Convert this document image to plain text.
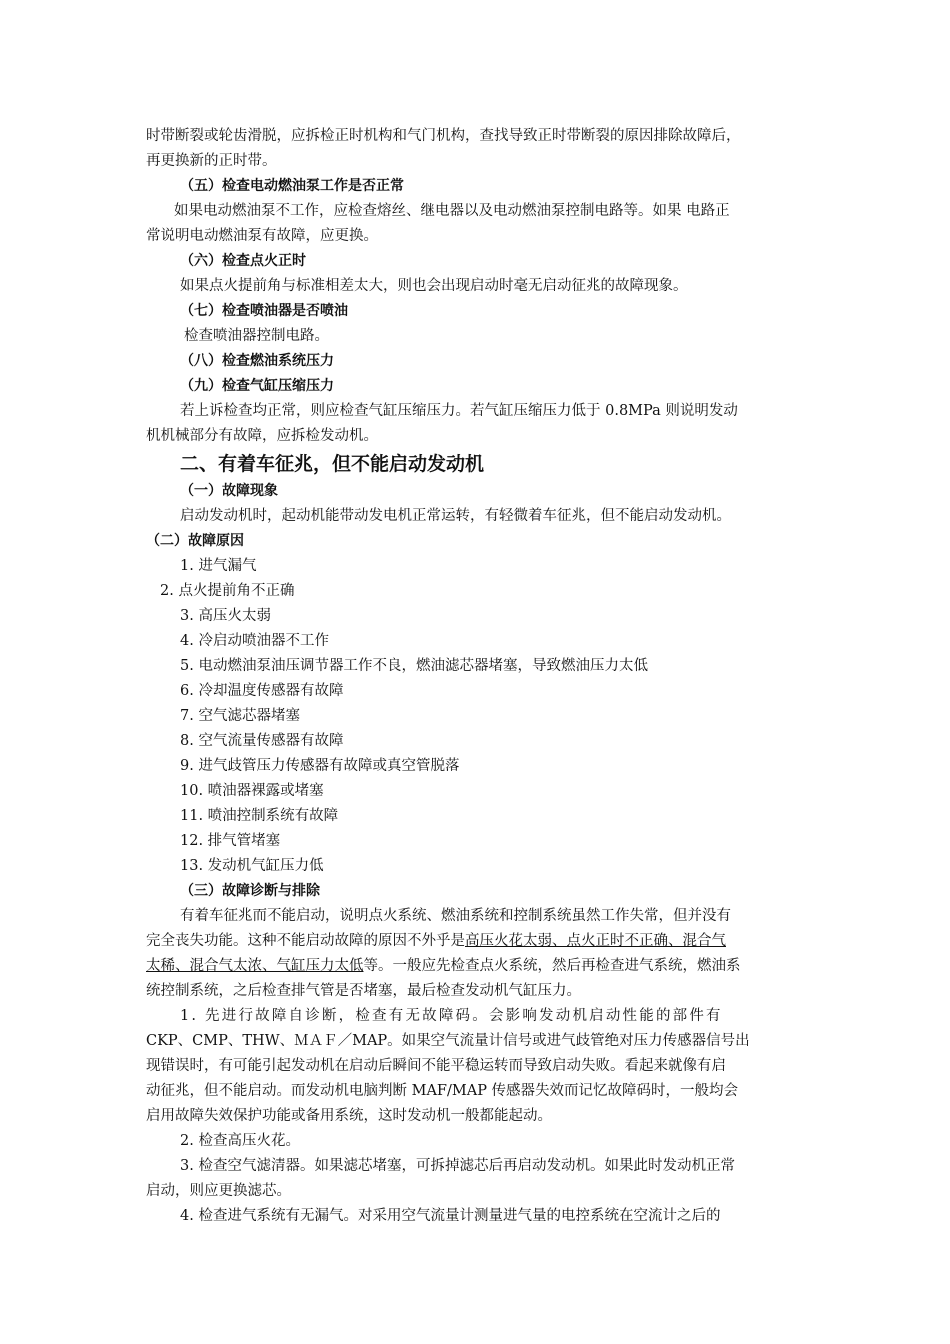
时带断裂或轮齿滑脱，应拆检正时机构和气门机构，查找导致正时带断裂的原因排除故障后，
再更换新的正时带。
（五）检查电动燃油泵工作是否正常
如果电动燃油泵不工作，应检查熔丝、继电器以及电动燃油泵控制电路等。如果 电路正
常说明电动燃油泵有故障，应更换。
（六）检查点火正时
如果点火提前角与标准相差太大，则也会出现启动时毫无启动征兆的故障现象。
（七）检查喷油器是否喷油
检查喷油器控制电路。
（八）检查燃油系统压力
（九）检查气缸压缩压力
若上诉检查均正常，则应检查气缸压缩压力。若气缸压缩压力低于 0.8MPa 则说明发动
机机械部分有故障，应拆检发动机。
二、有着车征兆，但不能启动发动机
（一）故障现象
启动发动机时，起动机能带动发电机正常运转，有轻微着车征兆，但不能启动发动机。
（二）故障原因
1. 进气漏气
2. 点火提前角不正确
3. 高压火太弱
4. 冷启动喷油器不工作
5. 电动燃油泵油压调节器工作不良，燃油滤芯器堵塞，导致燃油压力太低
6. 冷却温度传感器有故障
7. 空气滤芯器堵塞
8. 空气流量传感器有故障
9. 进气歧管压力传感器有故障或真空管脱落
10. 喷油器裸露或堵塞
11. 喷油控制系统有故障
12. 排气管堵塞
13. 发动机气缸压力低
（三）故障诊断与排除
有着车征兆而不能启动，说明点火系统、燃油系统和控制系统虽然工作失常，但并没有
完全丧失功能。这种不能启动故障的原因不外乎是高压火花太弱、点火正时不正确、混合气
太稀、混合气太浓、气缸压力太低等。一般应先检查点火系统，然后再检查进气系统，燃油系
统控制系统，之后检查排气管是否堵塞，最后检查发动机气缸压力。
1. 先进行故障自诊断，检查有无故障码。会影响发动机启动性能的部件有
CKP、CMP、THW、ＭＡＦ／MAP。如果空气流量计信号或进气歧管绝对压力传感器信号出
现错误时，有可能引起发动机在启动后瞬间不能平稳运转而导致启动失败。看起来就像有启
动征兆，但不能启动。而发动机电脑判断 MAF/MAP 传感器失效而记忆故障码时，一般均会
启用故障失效保护功能或备用系统，这时发动机一般都能起动。
2. 检查高压火花。
3. 检查空气滤清器。如果滤芯堵塞，可拆掉滤芯后再启动发动机。如果此时发动机正常
启动，则应更换滤芯。
4. 检查进气系统有无漏气。对采用空气流量计测量进气量的电控系统在空流计之后的
